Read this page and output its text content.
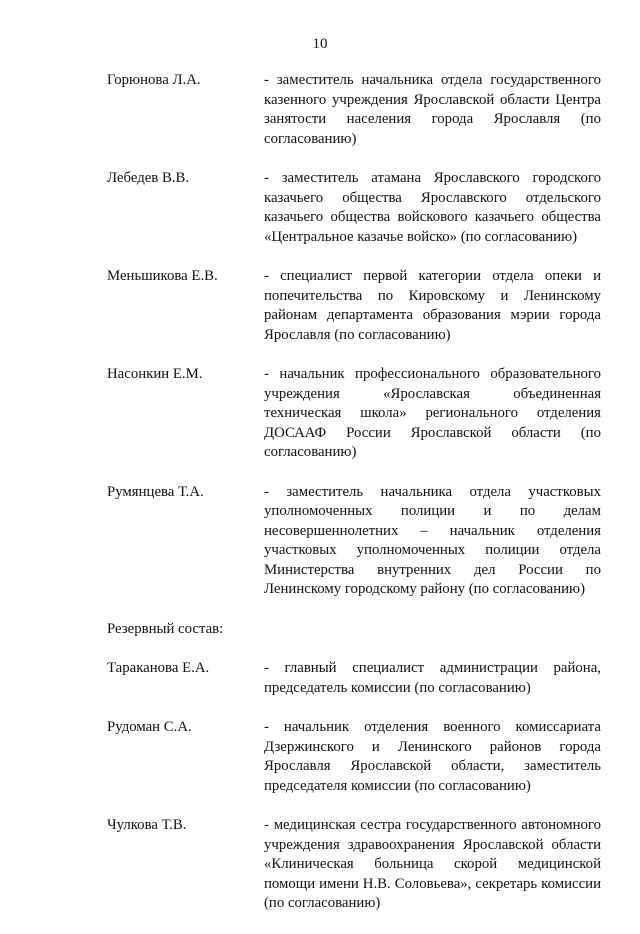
10
Горюнова Л.А.	- заместитель начальника отдела государственного казенного учреждения Ярославской области Центра занятости населения города Ярославля (по согласованию)
Лебедев В.В.	- заместитель атамана Ярославского городского казачьего общества Ярославского отдельского казачьего общества войскового казачьего общества «Центральное казачье войско» (по согласованию)
Меньшикова Е.В.	- специалист первой категории отдела опеки и попечительства по Кировскому и Ленинскому районам департамента образования мэрии города Ярославля (по согласованию)
Насонкин Е.М.	- начальник профессионального образовательного учреждения «Ярославская объединенная техническая школа» регионального отделения ДОСААФ России Ярославской области (по согласованию)
Румянцева Т.А.	- заместитель начальника отдела участковых уполномоченных полиции и по делам несовершеннолетних – начальник отделения участковых уполномоченных полиции отдела Министерства внутренних дел России по Ленинскому городскому району (по согласованию)
Резервный состав:
Тараканова Е.А.	- главный специалист администрации района, председатель комиссии (по согласованию)
Рудоман С.А.	- начальник отделения военного комиссариата Дзержинского и Ленинского районов города Ярославля Ярославской области, заместитель председателя комиссии (по согласованию)
Чулкова Т.В.	- медицинская сестра государственного автономного учреждения здравоохранения Ярославской области «Клиническая больница скорой медицинской помощи имени Н.В. Соловьева», секретарь комиссии (по согласованию)
